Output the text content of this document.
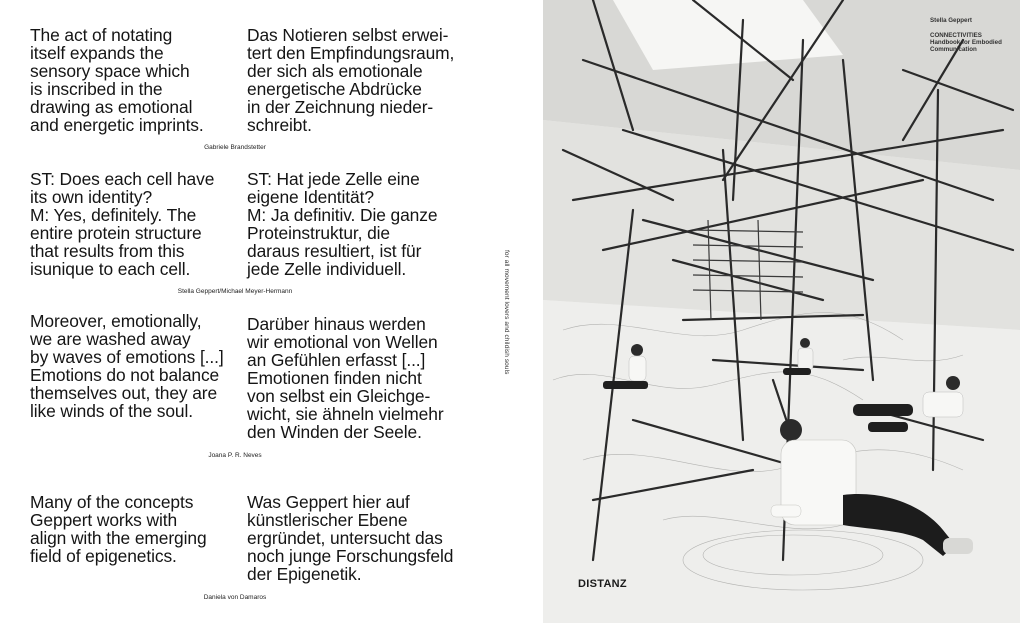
The act of notating
itself expands the
sensory space which
is inscribed in the
drawing as emotional
and energetic imprints.

Das Notieren selbst erwei-
tert den Empfindungsraum,
der sich als emotionale
energetische Abdrücke
in der Zeichnung nieder-
schreibt.

Gabriele Brandstetter

ST: Does each cell have
its own identity?
M: Yes, definitely. The
entire protein structure
that results from this
isunique to each cell.

ST: Hat jede Zelle eine
eigene Identität?
M: Ja definitiv. Die ganze
Proteinstruktur, die
daraus resultiert, ist für
jede Zelle individuell.

Stella Geppert/Michael Meyer-Hermann

Moreover, emotionally,
we are washed away
by waves of emotions [...]
Emotions do not balance
themselves out, they are
like winds of the soul.

Darüber hinaus werden
wir emotional von Wellen
an Gefühlen erfasst [...]
Emotionen finden nicht
von selbst ein Gleichge-
wicht, sie ähneln vielmehr
den Winden der Seele.

Joana P. R. Neves

Many of the concepts
Geppert works with
align with the emerging
field of epigenetics.

Was Geppert hier auf
künstlerischer Ebene
ergründet, untersucht das
noch junge Forschungsfeld
der Epigenetik.

Daniela von Damaros
for all movement lovers and childish souls
Stella Geppert
CONNECTIVITIES
Handbook for Embodied Communication
DISTANZ
